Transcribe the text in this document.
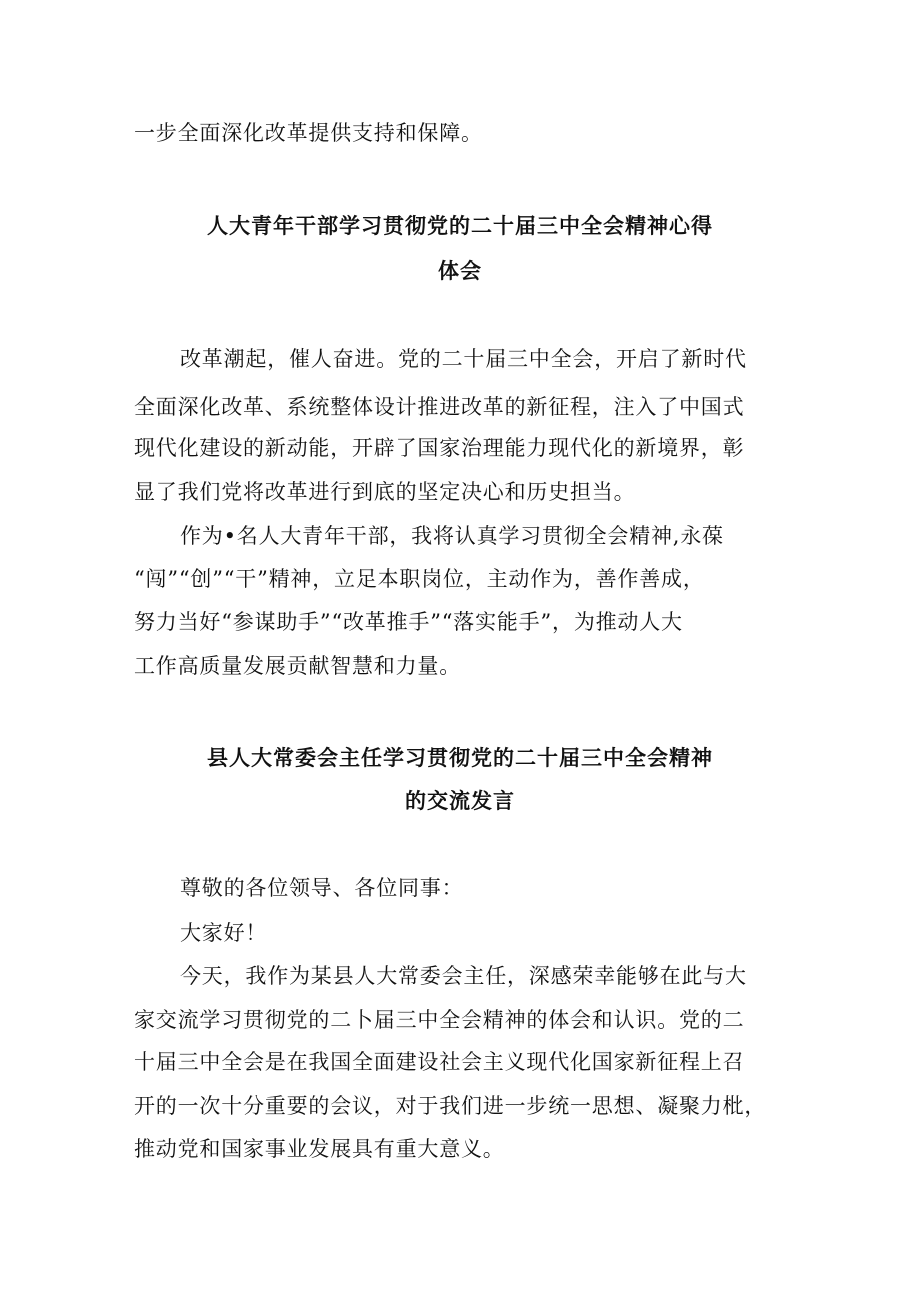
一步全面深化改革提供支持和保障。
人大青年干部学习贯彻党的二十届三中全会精神心得
体会
改革潮起，催人奋进。党的二十届三中全会，开启了新时代
全面深化改革、系统整体设计推进改革的新征程，注入了中国式
现代化建设的新动能，开辟了国家治理能力现代化的新境界，彰
显了我们党将改革进行到底的坚定决心和历史担当。
作为•名人大青年干部，我将认真学习贯彻全会精神,永葆
“闯”“创”“干”精神，立足本职岗位，主动作为，善作善成，
努力当好“参谋助手”“改革推手”“落实能手”，为推动人大
工作高质量发展贡献智慧和力量。
县人大常委会主任学习贯彻党的二十届三中全会精神
的交流发言
尊敬的各位领导、各位同事：
大家好！
今天，我作为某县人大常委会主任，深感荣幸能够在此与大
家交流学习贯彻党的二卜届三中全会精神的体会和认识。党的二
十届三中全会是在我国全面建设社会主义现代化国家新征程上召
开的一次十分重要的会议，对于我们进一步统一思想、凝聚力枇，
推动党和国家事业发展具有重大意义。
